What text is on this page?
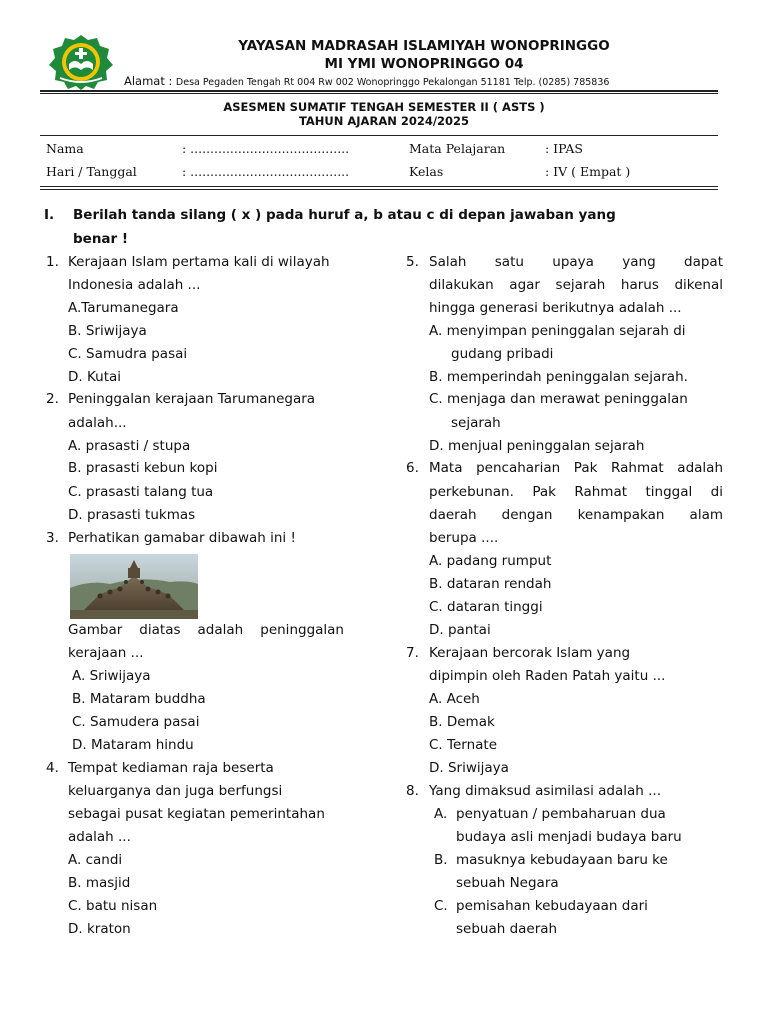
YAYASAN MADRASAH ISLAMIYAH WONOPRINGGO
MI YMI WONOPRINGGO 04
Alamat : Desa Pegaden Tengah Rt 004 Rw 002 Wonopringgo Pekalongan 51181 Telp. (0285) 785836
ASESMEN SUMATIF TENGAH SEMESTER II ( ASTS )
TAHUN AJARAN 2024/2025
Nama	: ........................................	Mata Pelajaran	: IPAS
Hari / Tanggal	: ........................................	Kelas	: IV ( Empat )
I. Berilah tanda silang ( x ) pada huruf a, b atau c di depan jawaban yang
benar !
1. Kerajaan Islam pertama kali di wilayah
Indonesia adalah ...
A.Tarumanegara
B. Sriwijaya
C. Samudra pasai
D. Kutai
2. Peninggalan kerajaan Tarumanegara
adalah...
A. prasasti / stupa
B. prasasti kebun kopi
C. prasasti talang tua
D. prasasti tukmas
3. Perhatikan gamabar dibawah ini !
Gambar diatas adalah peninggalan
kerajaan ...
A. Sriwijaya
B. Mataram buddha
C. Samudera pasai
D. Mataram hindu
4. Tempat kediaman raja beserta
keluarganya dan juga berfungsi
sebagai pusat kegiatan pemerintahan
adalah ...
A. candi
B. masjid
C. batu nisan
D. kraton
5. Salah satu upaya yang dapat
dilakukan agar sejarah harus dikenal
hingga generasi berikutnya adalah ...
A. menyimpan peninggalan sejarah di
gudang pribadi
B. memperindah peninggalan sejarah.
C. menjaga dan merawat peninggalan
sejarah
D. menjual peninggalan sejarah
6. Mata pencaharian Pak Rahmat adalah
perkebunan. Pak Rahmat tinggal di
daerah dengan kenampakan alam
berupa ....
A. padang rumput
B. dataran rendah
C. dataran tinggi
D. pantai
7. Kerajaan bercorak Islam yang
dipimpin oleh Raden Patah yaitu ...
A. Aceh
B. Demak
C. Ternate
D. Sriwijaya
8. Yang dimaksud asimilasi adalah ...
A. penyatuan / pembaharuan dua
budaya asli menjadi budaya baru
B. masuknya kebudayaan baru ke
sebuah Negara
C. pemisahan kebudayaan dari
sebuah daerah
